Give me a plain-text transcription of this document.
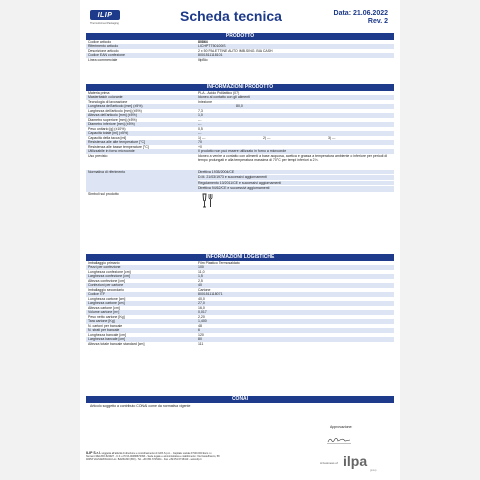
ILIP
Thermoformed Packaging	Scheda tecnica	Data: 21.06.2022
Rev. 2
PRODOTTO
Codice articolo	80864
Riferimento articolo	LICHPTT50100IS
Descrizione articolo	2 x 50 PALETTINE AUTO IMB.SING. BIA CASH
Codice EAN confezione	8001511118101
Linea commerciale	IlipBio
INFORMAZIONI PRODOTTO
Materia prima	PLA - Acido Polilattico (07)
Masterbatch colorante	Idoneo al contatto con gli alimenti
Tecnologia di lavorazione	Iniezione
Lunghezza dell'articolo [mm] (±5%)	80,0
Larghezza dell'articolo [mm] (±5%)	7,3
Altezza dell'articolo [mm] (±5%)	1,0
Diametro superiore [mm] (±5%)	---
Diametro inferiore [mm] (±5%)	---
Peso unitario [g] (±10%)	0,5
Capacità totale [ml] (±5%)	---
Capacità della tacca [ml]	1) ---	2) ---	3) ---
Resistenza alle alte temperature [°C]	70
Resistenza alle basse temperature [°C]	+0
Utilizzabile in forno microonde	Il prodotto non può essere utilizzato in forno a microonde
Uso previsto	Idoneo a venire a contatto con alimenti a base acquosa, acetica e grassa a temperatura ambiente o inferiore per periodi di tempo prolungati e alla temperatura massima di 70°C per tempi inferiori a 2 h.
Normativa di riferimento	Direttiva 1935/2004/CE
D.M. 21/03/1973 e successivi aggiornamenti
Regolamento 10/2011/CE e successivi aggiornamenti
Direttiva 94/62/CE e successivi aggiornamenti
Simboli sul prodotto
INFORMAZIONI LOGISTICHE
Imballaggio primario	Film Plastico Termosaldato
Pezzi per confezione	100
Lunghezza confezione [cm]	11,0
Larghezza confezione [cm]	1,5
Altezza confezione [cm]	2,5
Confezioni per cartone	40
Imballaggio secondario	Cartone
Codice ITF	8001511118071
Lunghezza cartone [cm]	40,0
Larghezza cartone [cm]	27,0
Altezza cartone [cm]	16,0
Volume cartone [m³]	0,017
Peso netto cartone [Kg]	2,20
Tara cartone [Kg]	1,400
N. cartoni per bancale	48
N. strati per bancale	6
Lunghezza bancale [cm]	120
Larghezza bancale [cm]	80
Altezza totale bancale standard [cm]	111
CONAI
Articolo soggetto a contributo CONAI come da normativa vigente
Approvazione:
ILIP S.r.l. soggetta all'attività di direzione e coordinamento di ILPA S.p.A. - Capitale sociale € 500.000 Euro i.v.
Numero REA BO-524027 - C.F. e P.IVA 00486670393 - Sede legale e amministrativa e stabilimento: Via Castelfranco, 58
40053 VALSAMOGGIA Loc. BAZZANO (BO) - Tel. +39 051 6715411 - Fax +39 051 6715410 - www.ilip.it
A business of ilpa
group
